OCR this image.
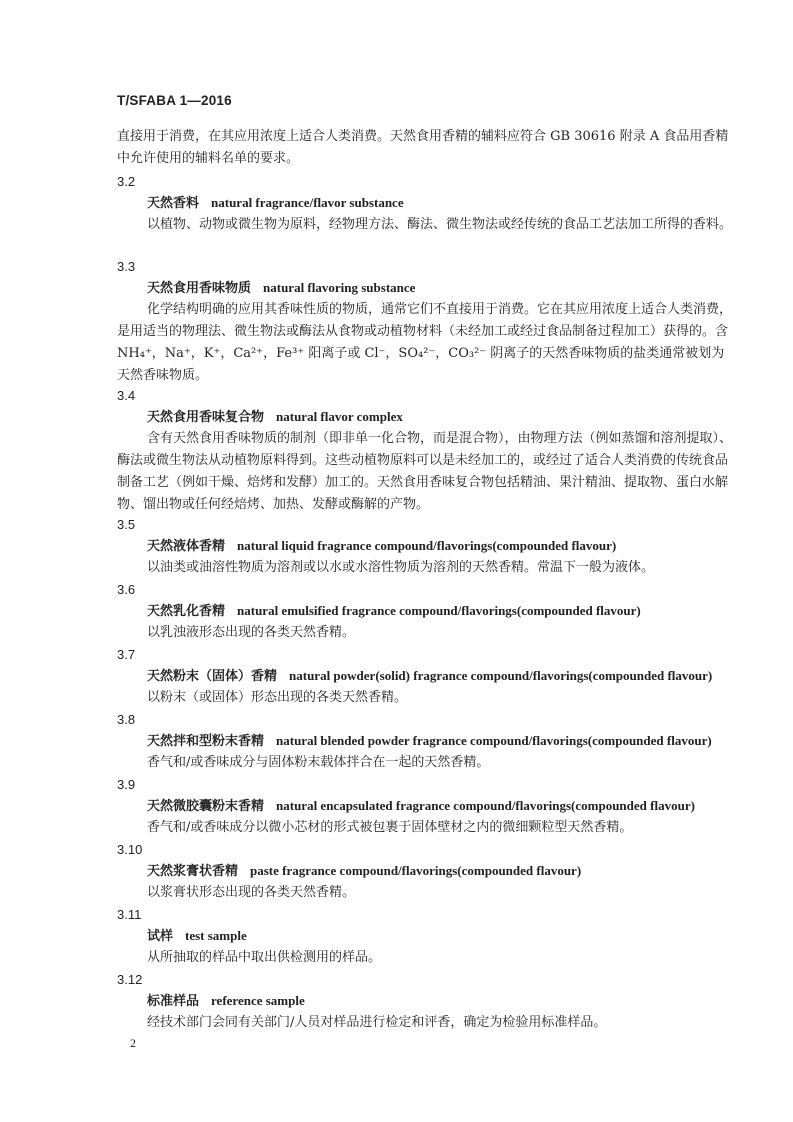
T/SFABA 1—2016
直接用于消费，在其应用浓度上适合人类消费。天然食用香精的辅料应符合 GB 30616 附录 A 食品用香精中允许使用的辅料名单的要求。
3.2
天然香料 natural fragrance/flavor substance
以植物、动物或微生物为原料，经物理方法、酶法、微生物法或经传统的食品工艺法加工所得的香料。
3.3
天然食用香味物质 natural flavoring substance
化学结构明确的应用其香味性质的物质，通常它们不直接用于消费。它在其应用浓度上适合人类消费，是用适当的物理法、微生物法或酶法从食物或动植物材料（未经加工或经过食品制备过程加工）获得的。含 NH₄⁺，Na⁺，K⁺，Ca²⁺，Fe³⁺ 阳离子或 Cl⁻，SO₄²⁻，CO₃²⁻ 阴离子的天然香味物质的盐类通常被划为天然香味物质。
3.4
天然食用香味复合物 natural flavor complex
含有天然食用香味物质的制剂（即非单一化合物，而是混合物），由物理方法（例如蒸馏和溶剂提取）、酶法或微生物法从动植物原料得到。这些动植物原料可以是未经加工的，或经过了适合人类消费的传统食品制备工艺（例如干燥、焙烤和发酵）加工的。天然食用香味复合物包括精油、果汁精油、提取物、蛋白水解物、馏出物或任何经焙烤、加热、发酵或酶解的产物。
3.5
天然液体香精 natural liquid fragrance compound/flavorings(compounded flavour)
以油类或油溶性物质为溶剂或以水或水溶性物质为溶剂的天然香精。常温下一般为液体。
3.6
天然乳化香精 natural emulsified fragrance compound/flavorings(compounded flavour)
以乳浊液形态出现的各类天然香精。
3.7
天然粉末（固体）香精 natural powder(solid) fragrance compound/flavorings(compounded flavour)
以粉末（或固体）形态出现的各类天然香精。
3.8
天然拌和型粉末香精 natural blended powder fragrance compound/flavorings(compounded flavour)
香气和/或香味成分与固体粉末载体拌合在一起的天然香精。
3.9
天然微胶囊粉末香精 natural encapsulated fragrance compound/flavorings(compounded flavour)
香气和/或香味成分以微小芯材的形式被包裹于固体壁材之内的微细颗粒型天然香精。
3.10
天然浆膏状香精 paste fragrance compound/flavorings(compounded flavour)
以浆膏状形态出现的各类天然香精。
3.11
试样 test sample
从所抽取的样品中取出供检测用的样品。
3.12
标准样品 reference sample
经技术部门会同有关部门/人员对样品进行检定和评香，确定为检验用标准样品。
2
